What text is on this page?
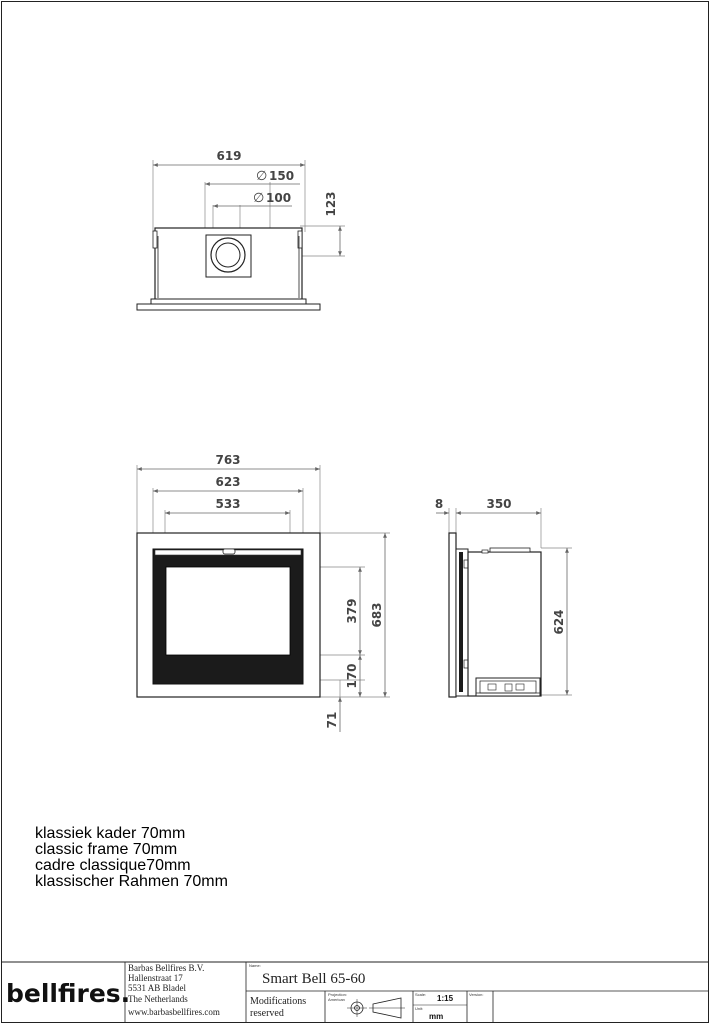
619
∅ 150
∅ 100	123
763
623
533
379 683
170
71
8	350
624
bellfires.
Barbas Bellfires B.V.
Hallenstraat 17
5531 AB Bladel
The Netherlands
www.barbasbellfires.com
Name:
Smart Bell 65-60
Modifications
reserved
Projection:
American
Scale: 1:15
Unit:
mm
Version:
klassiek kader 70mm
classic frame 70mm
cadre classique70mm
klassischer Rahmen 70mm
